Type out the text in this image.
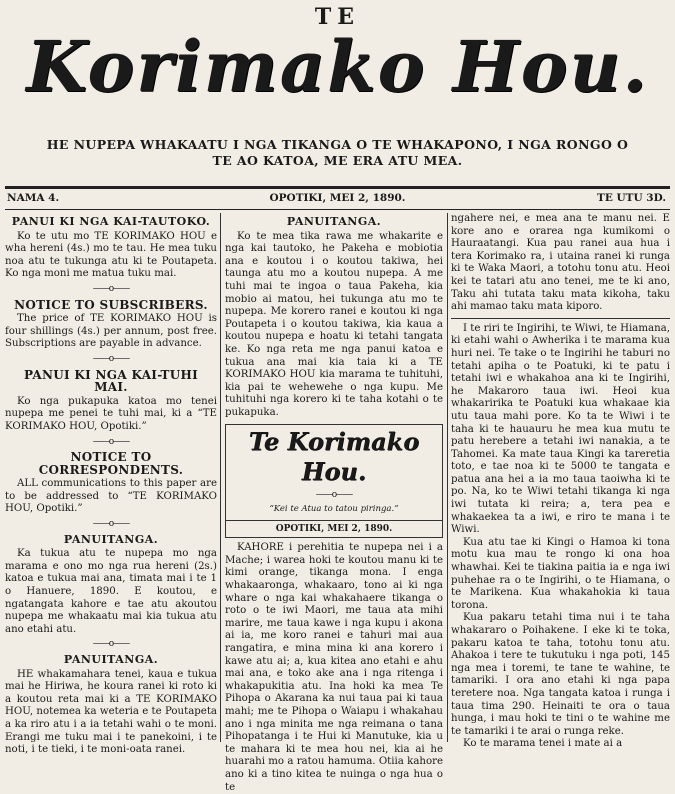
TE
Korimako Hou.
HE NUPEPA WHAKAATU I NGA TIKANGA O TE WHAKAPONO, I NGA RONGO O TE AO KATOA, ME ERA ATU MEA.
NAMA 4.	OPOTIKI, MEI 2, 1890.	TE UTU 3D.
PANUI KI NGA KAI-TAUTOKO.

Ko te utu mo TE KORIMAKO HOU e wha hereni (4s.) mo te tau. He mea tuku noa atu te tukunga atu ki te Poutapeta. Ko nga moni me matua tuku mai.

——o——
NOTICE TO SUBSCRIBERS.

The price of TE KORIMAKO HOU is four shillings (4s.) per annum, post free. Subscriptions are payable in advance.

——o——
PANUI KI NGA KAI-TUHI MAI.

Ko nga pukapuka katoa mo tenei nupepa me penei te tuhi mai, ki a “TE KORIMAKO HOU, Opotiki.”

——o——
NOTICE TO CORRESPONDENTS.

ALL communications to this paper are to be addressed to “TE KORIMAKO HOU, Opotiki.”

——o——
PANUITANGA.

Ka tukua atu te nupepa mo nga marama e ono mo nga rua hereni (2s.) katoa e tukua mai ana, timata mai i te 1 o Hanuere, 1890. E koutou, e ngatangata kahore e tae atu akoutou nupepa me whakaatu mai kia tukua atu ano etahi atu.

——o——
PANUITANGA.

HE whakamahara tenei, kaua e tukua mai he Hiriwa, he koura ranei ki roto ki a koutou reta mai ki a TE KORIMAKO HOU, notemea ka weteria e te Poutapeta a ka riro atu i a ia tetahi wahi o te moni. Erangi me tuku mai i te panekoini, i te noti, i te tieki, i te moni-oata ranei.

PANUITANGA.

Ko te mea tika rawa me whakarite e nga kai tautoko, he Pakeha e mobiotia ana e koutou i o koutou takiwa, hei taunga atu mo a koutou nupepa. A me tuhi mai te ingoa o taua Pakeha, kia mobio ai matou, hei tukunga atu mo te nupepa. Me korero ranei e koutou ki nga Poutapeta i o koutou takiwa, kia kaua a koutou nupepa e hoatu ki tetahi tangata ke. Ko nga reta me nga panui katoa e tukua ana mai kia taia ki a TE KORIMAKO HOU kia marama te tuhituhi, kia pai te wehewehe o nga kupu. Me tuhituhi nga korero ki te taha kotahi o te pukapuka.

Te Korimako Hou.
——o——
“Kei te Atua to tatou piringa.”
OPOTIKI, MEI 2, 1890.

KAHORE i perehitia te nupepa nei i a Mache; i warea hoki te koutou manu ki te kimi orange, tikanga mona. I enga whakaaronga, whakaaro, tono ai ki nga whare o nga kai whakahaere tikanga o roto o te iwi Maori, me taua ata mihi marire, me taua kawe i nga kupu i akona ai ia, me koro ranei e tahuri mai aua rangatira, e mina mina ki ana korero i kawe atu ai; a, kua kitea ano etahi e ahu mai ana, e toko ake ana i nga ritenga i whakapukitia atu. Ina hoki ka mea Te Pihopa o Akarana ka nui taua pai ki taua mahi; me te Pihopa o Waiapu i whakahau ano i nga minita me nga reimana o tana Pihopatanga i te Hui ki Manutuke, kia u te mahara ki te mea hou nei, kia ai he huarahi mo a ratou hamuma. Otiia kahore ano ki a tino kitea te nuinga o nga hua o te

ngahere nei, e mea ana te manu nei. E kore ano e orarea nga kumikomi o Hauraatangi. Kua pau ranei aua hua i tera Korimako ra, i utaina ranei ki runga ki te Waka Maori, a totohu tonu atu. Heoi kei te tatari atu ano tenei, me te ki ano, Taku ahi tutata taku mata kikoha, taku ahi mamao taku mata kiporo.

I te riri te Ingirihi, te Wiwi, te Hiamana, ki etahi wahi o Awherika i te marama kua huri nei. Te take o te Ingirihi he taburi no tetahi apiha o te Poatuki, ki te patu i tetahi iwi e whakahoa ana ki te Ingirihi, he Makaroro taua iwi. Heoi kua whakaririka te Poatuki kua whakaae kia utu taua mahi pore. Ko ta te Wiwi i te taha ki te hauauru he mea kua mutu te patu herebere a tetahi iwi nanakia, a te Tahomei. Ka mate taua Kingi ka tareretia toto, e tae noa ki te 5000 te tangata e patua ana hei a ia mo taua taoiwha ki te po. Na, ko te Wiwi tetahi tikanga ki nga iwi tutata ki reira; a, tera pea e whakaekea ta a iwi, e riro te mana i te Wiwi.

Kua atu tae ki Kingi o Hamoa ki tona motu kua mau te rongo ki ona hoa whawhai. Kei te tiakina paitia ia e nga iwi puhehae ra o te Ingirihi, o te Hiamana, o te Marikena. Kua whakahokia ki taua torona.

Kua pakaru tetahi tima nui i te taha whakararo o Poihakene. I eke ki te toka, pakaru katoa te taha, totohu tonu atu. Ahakoa i tere te tukutuku i nga poti, 145 nga mea i toremi, te tane te wahine, te tamariki. I ora ano etahi ki nga papa teretere noa. Nga tangata katoa i runga i taua tima 290. Heinaiti te ora o taua hunga, i mau hoki te tini o te wahine me te tamariki i te arai o runga reke.

Ko te marama tenei i mate ai a
